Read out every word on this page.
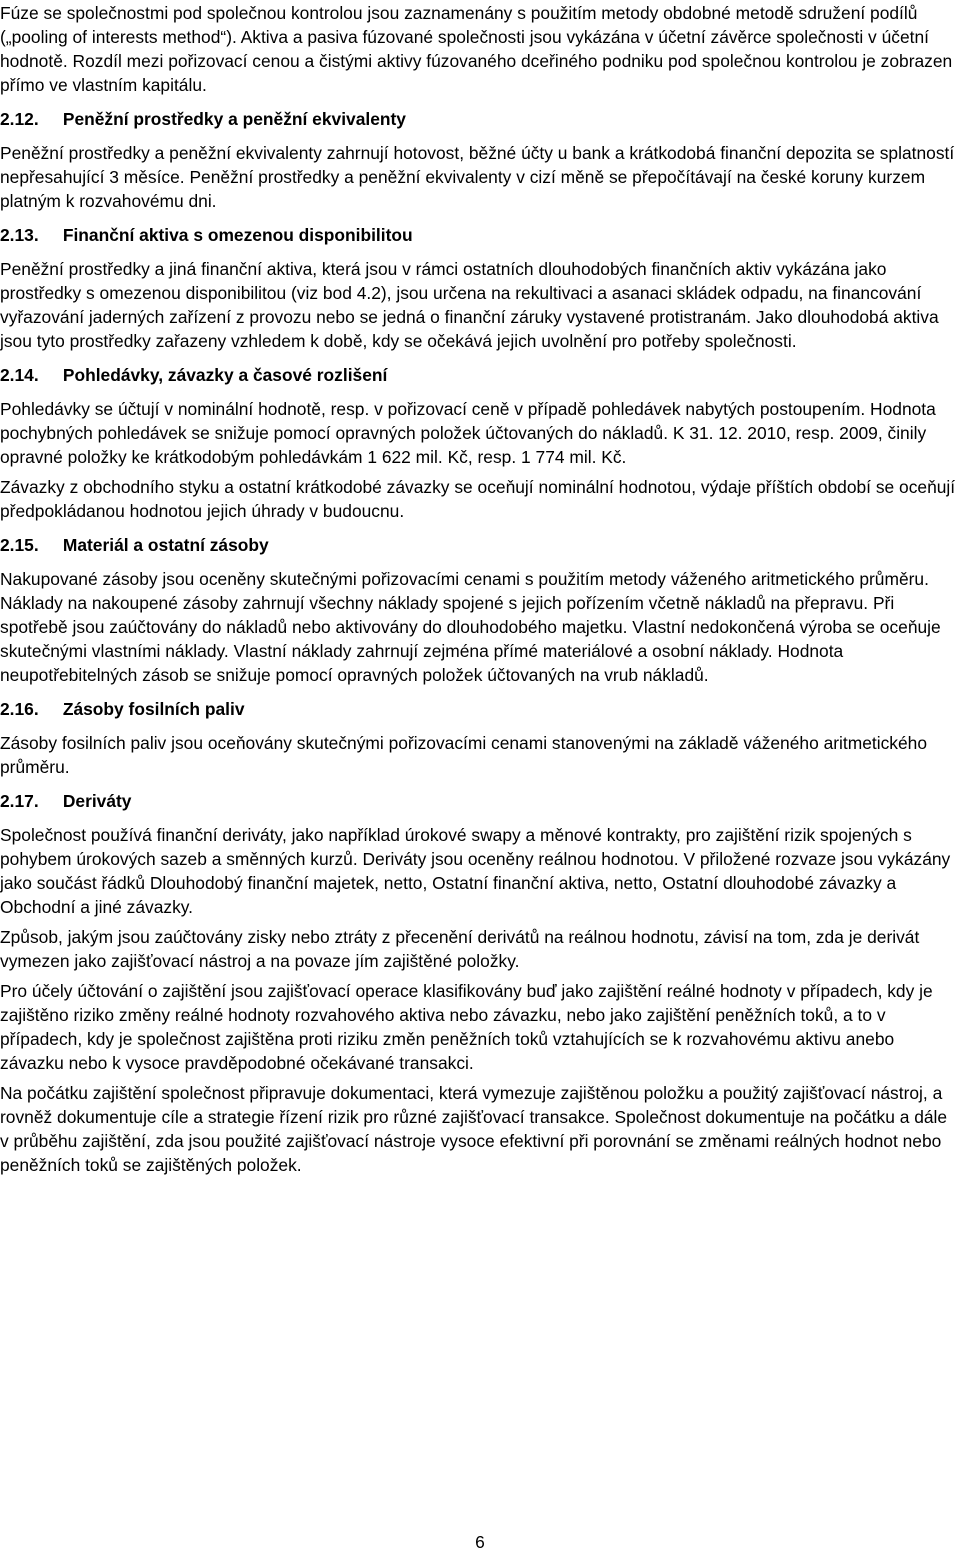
Fúze se společnostmi pod společnou kontrolou jsou zaznamenány s použitím metody obdobné metodě sdružení podílů („pooling of interests method“). Aktiva a pasiva fúzované společnosti jsou vykázána v účetní závěrce společnosti v účetní hodnotě. Rozdíl mezi pořizovací cenou a čistými aktivy fúzovaného dceřiného podniku pod společnou kontrolou je zobrazen přímo ve vlastním kapitálu.

2.12. Peněžní prostředky a peněžní ekvivalenty

Peněžní prostředky a peněžní ekvivalenty zahrnují hotovost, běžné účty u bank a krátkodobá finanční depozita se splatností nepřesahující 3 měsíce. Peněžní prostředky a peněžní ekvivalenty v cizí měně se přepočítávají na české koruny kurzem platným k rozvahovému dni.

2.13. Finanční aktiva s omezenou disponibilitou

Peněžní prostředky a jiná finanční aktiva, která jsou v rámci ostatních dlouhodobých finančních aktiv vykázána jako prostředky s omezenou disponibilitou (viz bod 4.2), jsou určena na rekultivaci a asanaci skládek odpadu, na financování vyřazování jaderných zařízení z provozu nebo se jedná o finanční záruky vystavené protistranám. Jako dlouhodobá aktiva jsou tyto prostředky zařazeny vzhledem k době, kdy se očekává jejich uvolnění pro potřeby společnosti.

2.14. Pohledávky, závazky a časové rozlišení

Pohledávky se účtují v nominální hodnotě, resp. v pořizovací ceně v případě pohledávek nabytých postoupením. Hodnota pochybných pohledávek se snižuje pomocí opravných položek účtovaných do nákladů. K 31. 12. 2010, resp. 2009, činily opravné položky ke krátkodobým pohledávkám 1 622 mil. Kč, resp. 1 774 mil. Kč.

Závazky z obchodního styku a ostatní krátkodobé závazky se oceňují nominální hodnotou, výdaje příštích období se oceňují předpokládanou hodnotou jejich úhrady v budoucnu.

2.15. Materiál a ostatní zásoby

Nakupované zásoby jsou oceněny skutečnými pořizovacími cenami s použitím metody váženého aritmetického průměru. Náklady na nakoupené zásoby zahrnují všechny náklady spojené s jejich pořízením včetně nákladů na přepravu. Při spotřebě jsou zaúčtovány do nákladů nebo aktivovány do dlouhodobého majetku. Vlastní nedokončená výroba se oceňuje skutečnými vlastními náklady. Vlastní náklady zahrnují zejména přímé materiálové a osobní náklady. Hodnota neupotřebitelných zásob se snižuje pomocí opravných položek účtovaných na vrub nákladů.

2.16. Zásoby fosilních paliv

Zásoby fosilních paliv jsou oceňovány skutečnými pořizovacími cenami stanovenými na základě váženého aritmetického průměru.

2.17. Deriváty

Společnost používá finanční deriváty, jako například úrokové swapy a měnové kontrakty, pro zajištění rizik spojených s pohybem úrokových sazeb a směnných kurzů. Deriváty jsou oceněny reálnou hodnotou. V přiložené rozvaze jsou vykázány jako součást řádků Dlouhodobý finanční majetek, netto, Ostatní finanční aktiva, netto, Ostatní dlouhodobé závazky a Obchodní a jiné závazky.

Způsob, jakým jsou zaúčtovány zisky nebo ztráty z přecenění derivátů na reálnou hodnotu, závisí na tom, zda je derivát vymezen jako zajišťovací nástroj a na povaze jím zajištěné položky.

Pro účely účtování o zajištění jsou zajišťovací operace klasifikovány buď jako zajištění reálné hodnoty v případech, kdy je zajištěno riziko změny reálné hodnoty rozvahového aktiva nebo závazku, nebo jako zajištění peněžních toků, a to v případech, kdy je společnost zajištěna proti riziku změn peněžních toků vztahujících se k rozvahovému aktivu anebo závazku nebo k vysoce pravděpodobné očekávané transakci.

Na počátku zajištění společnost připravuje dokumentaci, která vymezuje zajištěnou položku a použitý zajišťovací nástroj, a rovněž dokumentuje cíle a strategie řízení rizik pro různé zajišťovací transakce. Společnost dokumentuje na počátku a dále v průběhu zajištění, zda jsou použité zajišťovací nástroje vysoce efektivní při porovnání se změnami reálných hodnot nebo peněžních toků se zajištěných položek.

6
